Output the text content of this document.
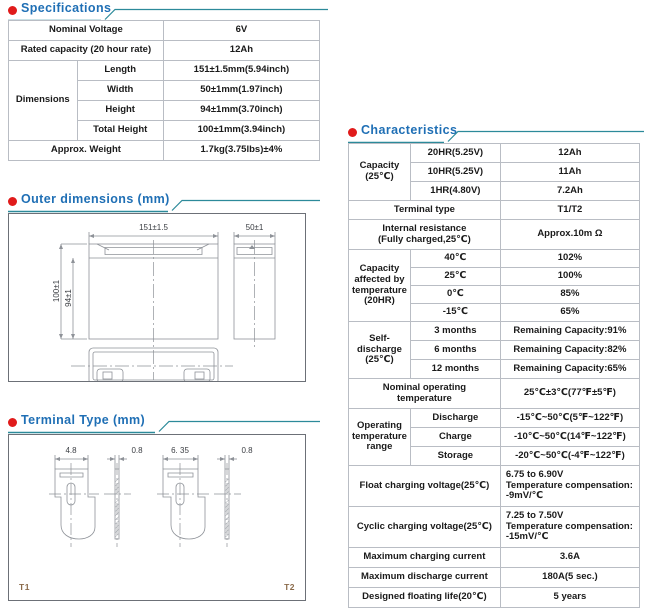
Specifications
Nominal Voltage		6V
Rated capacity (20 hour rate)		12Ah
Dimensions	Length	151±1.5mm(5.94inch)
	Width	50±1mm(1.97inch)
	Height	94±1mm(3.70inch)
	Total Height	100±1mm(3.94inch)
Approx. Weight		1.7kg(3.75lbs)±4%
Outer dimensions (mm)
151±1.5	50±1
100±1 94±1
Terminal Type (mm)
4.8	0.8	6. 35	0.8
T1	T2
Characteristics
Capacity
(25℃)	20HR(5.25V)	12Ah
	10HR(5.25V)	11Ah
	1HR(4.80V)	7.2Ah
Terminal type		T1/T2
Internal resistance
(Fully charged,25℃)		Approx.10m Ω
Capacity
affected by
temperature
(20HR)	40℃	102%
	25℃	100%
	0℃	85%
	-15℃	65%
Self-discharge
(25℃)	3 months	Remaining Capacity:91%
	6 months	Remaining Capacity:82%
	12 months	Remaining Capacity:65%
Nominal operating
temperature		25℃±3℃(77℉±5℉)
Operating
temperature
range	Discharge	-15℃~50℃(5℉~122℉)
	Charge	-10℃~50℃(14℉~122℉)
	Storage	-20℃~50℃(-4℉~122℉)
Float charging voltage(25℃)		6.75 to 6.90V
Temperature compensation:
-9mV/℃
Cyclic charging voltage(25℃)		7.25 to 7.50V
Temperature compensation:
-15mV/℃
Maximum charging current		3.6A
Maximum discharge current		180A(5 sec.)
Designed floating life(20℃)		5 years
